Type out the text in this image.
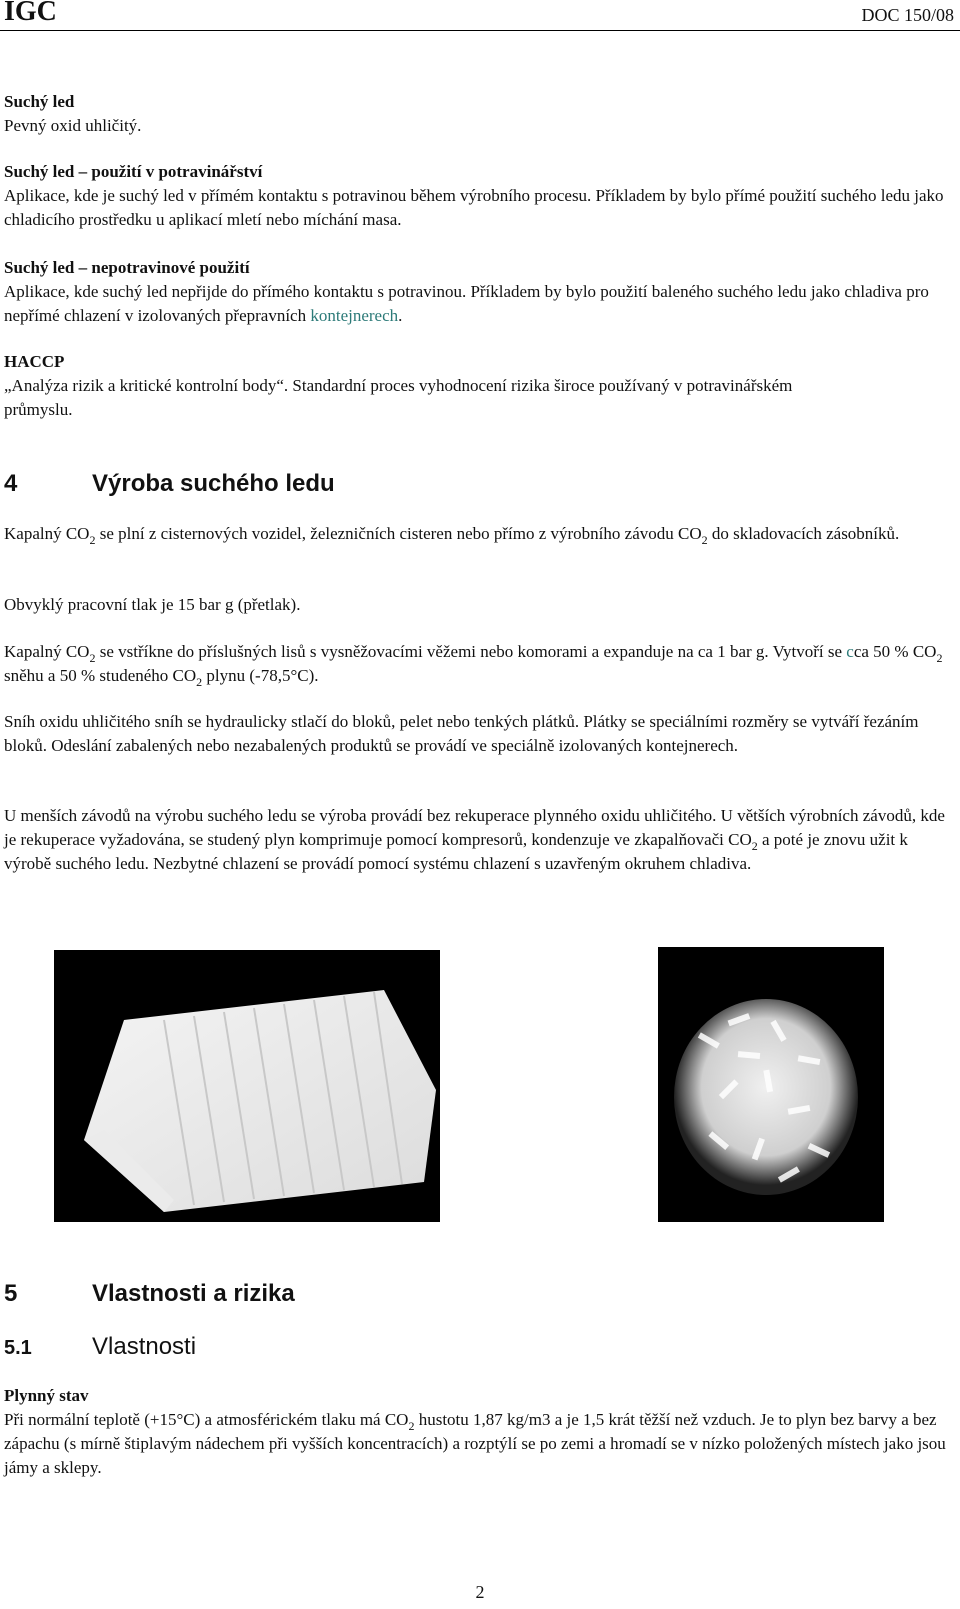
IGC	DOC 150/08
Suchý led
Pevný oxid uhličitý.
Suchý led – použití v potravinářství
Aplikace, kde je suchý led v přímém kontaktu s potravinou během výrobního procesu. Příkladem by bylo přímé použití suchého ledu jako chladicího prostředku u aplikací mletí nebo míchání masa.
Suchý led – nepotravinové použití
Aplikace, kde suchý led nepřijde do přímého kontaktu s potravinou. Příkladem by bylo použití baleného suchého ledu jako chladiva pro nepřímé chlazení v izolovaných přepravních kontejnerech.
HACCP
„Analýza rizik a kritické kontrolní body“. Standardní proces vyhodnocení rizika široce používaný v potravinářském průmyslu.
4	Výroba suchého ledu
Kapalný $CO_2$ se plní z cisternových vozidel, železničních cisteren nebo přímo z výrobního závodu $CO_2$ do skladovacích zásobníků.
Obvyklý pracovní tlak je 15 bar g (přetlak).
Kapalný $CO_2$ se vstříkne do příslušných lisů s vysněžovacími věžemi nebo komorami a expanduje na ca 1 bar g. Vytvoří se cca 50 % $CO_2$ sněhu a 50 % studeného $CO_2$ plynu (-78,5°C).
Sníh oxidu uhličitého sníh se hydraulicky stlačí do bloků, pelet nebo tenkých plátků. Plátky se speciálními rozměry se vytváří řezáním bloků. Odeslání zabalených nebo nezabalených produktů se provádí ve speciálně izolovaných kontejnerech.
U menších závodů na výrobu suchého ledu se výroba provádí bez rekuperace plynného oxidu uhličitého. U větších výrobních závodů, kde je rekuperace vyžadována, se studený plyn komprimuje pomocí kompresorů, kondenzuje ve zkapalňovači $CO_2$ a poté je znovu užit k výrobě suchého ledu. Nezbytné chlazení se provádí pomocí systému chlazení s uzavřeným okruhem chladiva.
5	Vlastnosti a rizika
5.1	Vlastnosti
Plynný stav
Při normální teplotě (+15°C) a atmosférickém tlaku má $CO_2$ hustotu 1,87 kg/m3 a je 1,5 krát těžší než vzduch. Je to plyn bez barvy a bez zápachu (s mírně štiplavým nádechem při vyšších koncentracích) a rozptýlí se po zemi a hromadí se v nízko položených místech jako jsou jámy a sklepy.
2
